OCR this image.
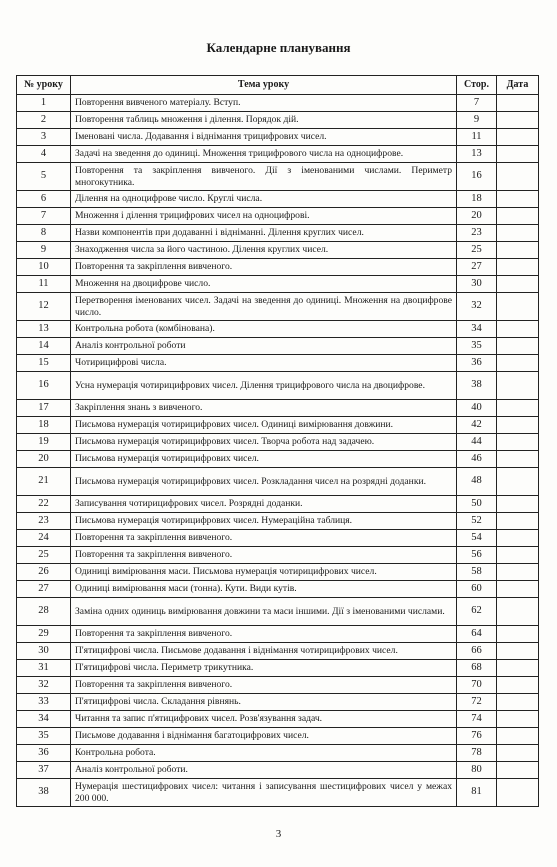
Календарне планування
№ уроку	Тема уроку	Стор.	Дата
1	Повторення вивченого матеріалу. Вступ.	7	
2	Повторення таблиць множення і ділення. Порядок дій.	9	
3	Іменовані числа. Додавання і віднімання трицифрових чисел.	11	
4	Задачі на зведення до одиниці. Множення трицифрового числа на одноцифрове.	13	
5	Повторення та закріплення вивченого. Дії з іменованими числами. Периметр многокутника.	16	
6	Ділення на одноцифрове число. Круглі числа.	18	
7	Множення і ділення трицифрових чисел на одноцифрові.	20	
8	Назви компонентів при додаванні і відніманні. Ділення круглих чисел.	23	
9	Знаходження числа за його частиною. Ділення круглих чисел.	25	
10	Повторення та закріплення вивченого.	27	
11	Множення на двоцифрове число.	30	
12	Перетворення іменованих чисел. Задачі на зведення до одиниці. Множення на двоцифрове число.	32	
13	Контрольна робота (комбінована).	34	
14	Аналіз контрольної роботи	35	
15	Чотирицифрові числа.	36	
16	Усна нумерація чотирицифрових чисел. Ділення трицифрового числа на двоцифрове.	38	
17	Закріплення знань з вивченого.	40	
18	Письмова нумерація чотирицифрових чисел. Одиниці вимірювання довжини.	42	
19	Письмова нумерація чотирицифрових чисел. Творча робота над задачею.	44	
20	Письмова нумерація чотирицифрових чисел.	46	
21	Письмова нумерація чотирицифрових чисел. Розкладання чисел на розрядні доданки.	48	
22	Записування чотирицифрових чисел. Розрядні доданки.	50	
23	Письмова нумерація чотирицифрових чисел. Нумераційна таблиця.	52	
24	Повторення та закріплення вивченого.	54	
25	Повторення та закріплення вивченого.	56	
26	Одиниці вимірювання маси. Письмова нумерація чотирицифрових чисел.	58	
27	Одиниці вимірювання маси (тонна). Кути. Види кутів.	60	
28	Заміна одних одиниць вимірювання довжини та маси іншими. Дії з іменованими числами.	62	
29	Повторення та закріплення вивченого.	64	
30	П'ятицифрові числа. Письмове додавання і віднімання чотирицифрових чисел.	66	
31	П'ятицифрові числа. Периметр трикутника.	68	
32	Повторення та закріплення вивченого.	70	
33	П'ятицифрові числа. Складання рівнянь.	72	
34	Читання та запис п'ятицифрових чисел. Розв'язування задач.	74	
35	Письмове додавання і віднімання багатоцифрових чисел.	76	
36	Контрольна робота.	78	
37	Аналіз контрольної роботи.	80	
38	Нумерація шестицифрових чисел: читання і записування шестицифрових чисел у межах 200 000.	81	
3
